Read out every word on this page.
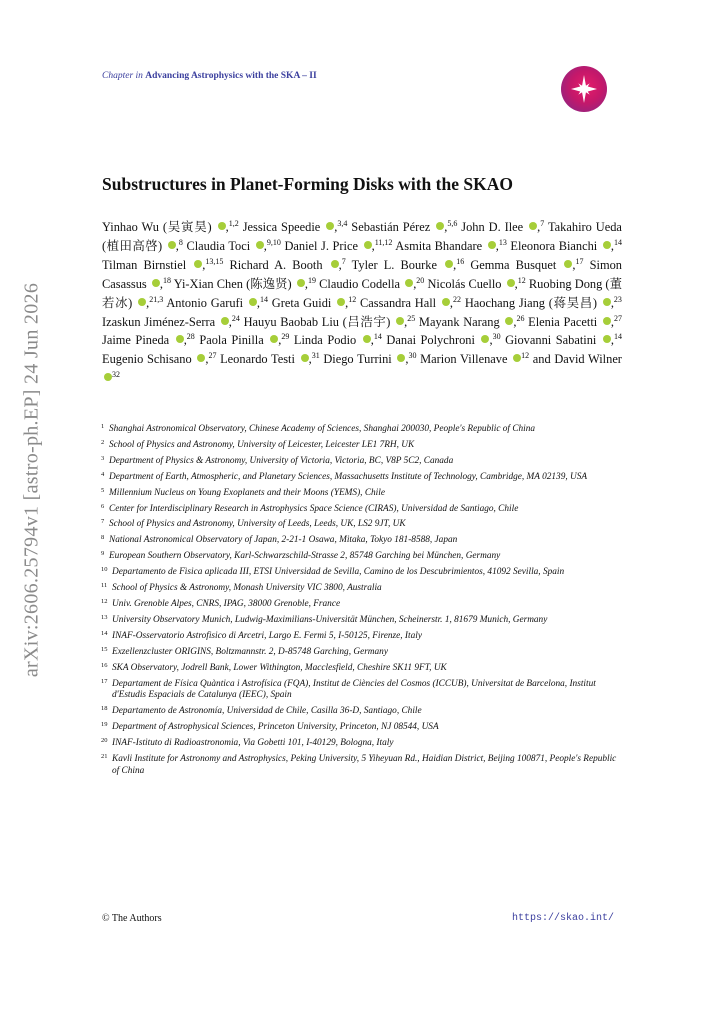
arXiv:2606.25794v1 [astro-ph.EP] 24 Jun 2026
Chapter in Advancing Astrophysics with the SKA – II
Substructures in Planet-Forming Disks with the SKAO
Yinhao Wu (吴寅昊) ,$^{1,2}$ Jessica Speedie ,$^{3,4}$ Sebastián Pérez ,$^{5,6}$ John D. Ilee ,$^7$ Takahiro Ueda (植田高啓) ,$^8$ Claudia Toci ,$^{9,10}$ Daniel J. Price ,$^{11,12}$ Asmita Bhandare ,$^{13}$ Eleonora Bianchi ,$^{14}$ Tilman Birnstiel ,$^{13,15}$ Richard A. Booth ,$^7$ Tyler L. Bourke ,$^{16}$ Gemma Busquet ,$^{17}$ Simon Casassus ,$^{18}$ Yi-Xian Chen (陈逸贤) ,$^{19}$ Claudio Codella ,$^{20}$ Nicolás Cuello ,$^{12}$ Ruobing Dong (董若冰) ,$^{21,3}$ Antonio Garufi ,$^{14}$ Greta Guidi ,$^{12}$ Cassandra Hall ,$^{22}$ Haochang Jiang (蒋昊昌) ,$^{23}$ Izaskun Jiménez-Serra ,$^{24}$ Hauyu Baobab Liu (吕浩宇) ,$^{25}$ Mayank Narang ,$^{26}$ Elenia Pacetti ,$^{27}$ Jaime Pineda ,$^{28}$ Paola Pinilla ,$^{29}$ Linda Podio ,$^{14}$ Danai Polychroni ,$^{30}$ Giovanni Sabatini ,$^{14}$ Eugenio Schisano ,$^{27}$ Leonardo Testi ,$^{31}$ Diego Turrini ,$^{30}$ Marion Villenave $^{12}$ and David Wilner $^{32}$
1 Shanghai Astronomical Observatory, Chinese Academy of Sciences, Shanghai 200030, People's Republic of China
2 School of Physics and Astronomy, University of Leicester, Leicester LE1 7RH, UK
3 Department of Physics & Astronomy, University of Victoria, Victoria, BC, V8P 5C2, Canada
4 Department of Earth, Atmospheric, and Planetary Sciences, Massachusetts Institute of Technology, Cambridge, MA 02139, USA
5 Millennium Nucleus on Young Exoplanets and their Moons (YEMS), Chile
6 Center for Interdisciplinary Research in Astrophysics Space Science (CIRAS), Universidad de Santiago, Chile
7 School of Physics and Astronomy, University of Leeds, Leeds, UK, LS2 9JT, UK
8 National Astronomical Observatory of Japan, 2-21-1 Osawa, Mitaka, Tokyo 181-8588, Japan
9 European Southern Observatory, Karl-Schwarzschild-Strasse 2, 85748 Garching bei München, Germany
10 Departamento de Fìsica aplicada III, ETSI Universidad de Sevilla, Camino de los Descubrimientos, 41092 Sevilla, Spain
11 School of Physics & Astronomy, Monash University VIC 3800, Australia
12 Univ. Grenoble Alpes, CNRS, IPAG, 38000 Grenoble, France
13 University Observatory Munich, Ludwig-Maximilians-Universität München, Scheinerstr. 1, 81679 Munich, Germany
14 INAF-Osservatorio Astrofisico di Arcetri, Largo E. Fermi 5, I-50125, Firenze, Italy
15 Exzellenzcluster ORIGINS, Boltzmannstr. 2, D-85748 Garching, Germany
16 SKA Observatory, Jodrell Bank, Lower Withington, Macclesfield, Cheshire SK11 9FT, UK
17 Departament de Física Quàntica i Astrofísica (FQA), Institut de Ciències del Cosmos (ICCUB), Universitat de Barcelona, Institut d'Estudis Espacials de Catalunya (IEEC), Spain
18 Departamento de Astronomía, Universidad de Chile, Casilla 36-D, Santiago, Chile
19 Department of Astrophysical Sciences, Princeton University, Princeton, NJ 08544, USA
20 INAF-Istituto di Radioastronomia, Via Gobetti 101, I-40129, Bologna, Italy
21 Kavli Institute for Astronomy and Astrophysics, Peking University, 5 Yiheyuan Rd., Haidian District, Beijing 100871, People's Republic of China
© The Authors	https://skao.int/
